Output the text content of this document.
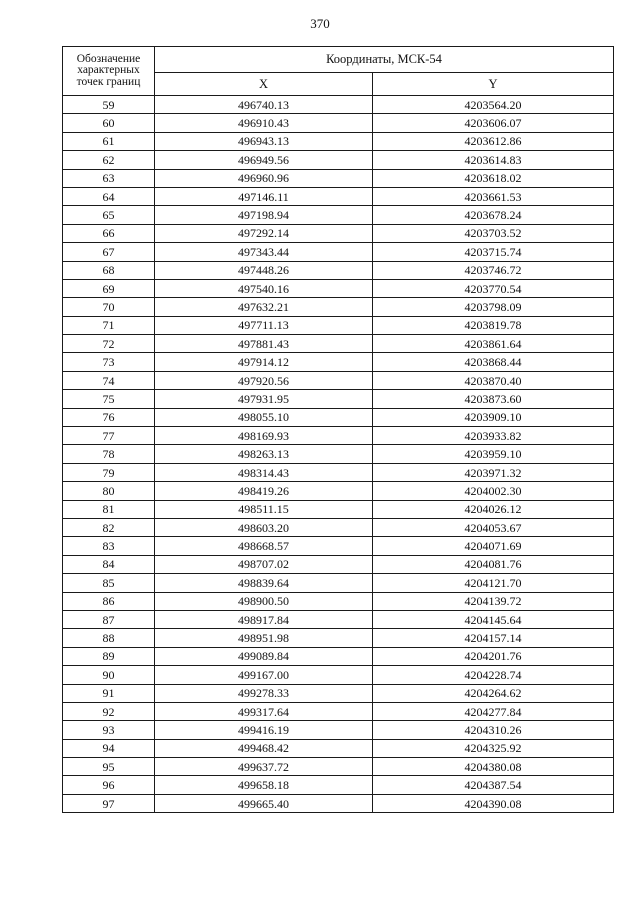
370
Обозначение характерных точек границ	Координаты, МСК-54	
	X	Y
59	496740.13	4203564.20
60	496910.43	4203606.07
61	496943.13	4203612.86
62	496949.56	4203614.83
63	496960.96	4203618.02
64	497146.11	4203661.53
65	497198.94	4203678.24
66	497292.14	4203703.52
67	497343.44	4203715.74
68	497448.26	4203746.72
69	497540.16	4203770.54
70	497632.21	4203798.09
71	497711.13	4203819.78
72	497881.43	4203861.64
73	497914.12	4203868.44
74	497920.56	4203870.40
75	497931.95	4203873.60
76	498055.10	4203909.10
77	498169.93	4203933.82
78	498263.13	4203959.10
79	498314.43	4203971.32
80	498419.26	4204002.30
81	498511.15	4204026.12
82	498603.20	4204053.67
83	498668.57	4204071.69
84	498707.02	4204081.76
85	498839.64	4204121.70
86	498900.50	4204139.72
87	498917.84	4204145.64
88	498951.98	4204157.14
89	499089.84	4204201.76
90	499167.00	4204228.74
91	499278.33	4204264.62
92	499317.64	4204277.84
93	499416.19	4204310.26
94	499468.42	4204325.92
95	499637.72	4204380.08
96	499658.18	4204387.54
97	499665.40	4204390.08
